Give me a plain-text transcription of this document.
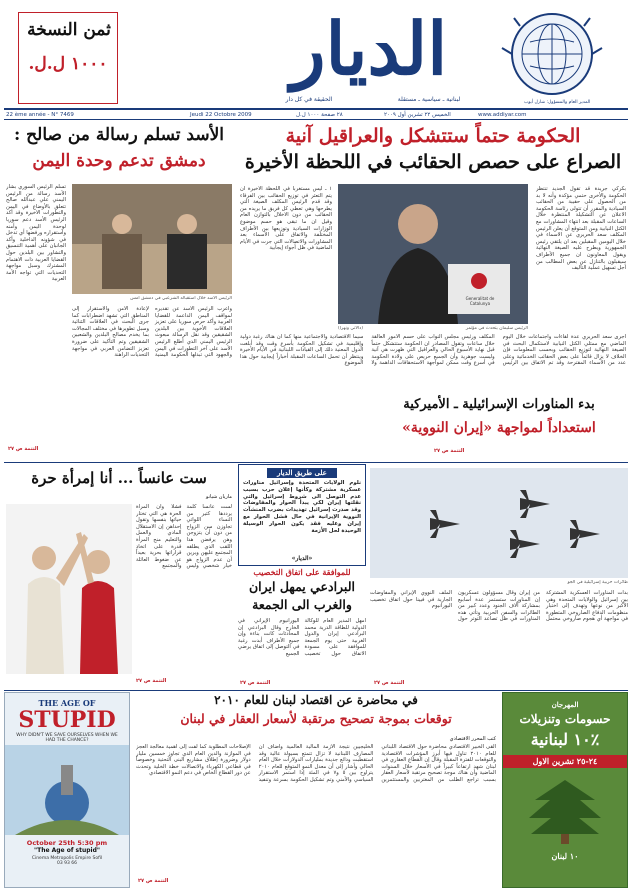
الديار
الحقيقة في كل دار	لبنانية ـ سياسية ـ مستقلة
ثمن النسخة
١٠٠٠ ل.ل.
22 ème année - N° 7469	Jeudi 22 Octobre 2009	٢٨ صفحة ١٠٠٠ ل.ل	الخميس ٢٢ تشرين أول ٢٠٠٩	www.addiyar.com
المدير العام والمسؤول: شارل أيوب
الحكومة حتماً ستتشكل والعراقيل آنية
الصراع على حصص الحقائب في اللحظة الأخيرة
Generalitat de Catalunya
الرئيس سليمان يتحدث في مؤتمر
(دالاتي ونهرا)
بكركي جريدة قد تقول الجديد تنتظر الحكومة والأخرى حتمي مؤكدة وأنه لا بد من الحصول على حقيبة من الحقائب السيادية والمقرر أن تتولى رئاسة الحكومة الاعلان عن التشكيلة المنتظرة خلال الساعات المقبلة بعد انتهاء المشاورات مع الكتل النيابية ومن المتوقع أن يعلن الرئيس المكلف سعد الحريري عن الاسماء في خلال اليومين المقبلين بعد ان يلتقي رئيس الجمهورية ويطرح عليه الصيغة النهائية ويقول المعاونون ان جميع الأطراف سيقبلون بالتنازل عن بعض المطالب من أجل تسهيل عملية التأليف
١ ـ ليس مستغرباً في اللحظة الأخيرة أن يتم التعثر في توزيع الحقائب بين الفرقاء وقد قدم الرئيس المكلف الصيغة التي يطرحها وهي تعطي كل فريق ما يريده من الحقائب من دون الاخلال بالتوازن العام وقيل ان ما تبقى هو حسم موضوع الوزارات السيادية وتوزيعها بين الأطراف المختلفة والاتفاق على الأسماء بعد المشاورات والاتصالات التي جرت في الأيام الماضية في ظل أجواء إيجابية
اجرى سعد الحريري عدة لقاءات واجتماعات خلال اليوم الماضي مع ممثلي الكتل النيابية لاستكمال البحث في الصيغة النهائية لتوزيع الحقائب وبحسب المعلومات فإن الخلاف لا يزال قائماً على بعض الحقائب الخدماتية وعلى عدد من الأسماء المقترحة وقد تم الاتفاق بين الرئيس المكلف ورئيس مجلس النواب على حسم الأمور العالقة خلال ساعات وتقول المصادر ان الحكومة ستتشكل حتماً قبل نهاية الأسبوع الحالي والعراقيل التي ظهرت هي آنية وليست جوهرية وأن الجميع حريص على ولادة الحكومة في أسرع وقت ممكن لمواجهة الاستحقاقات الداهمة ولا سيما الاقتصادية والاجتماعية منها كما أن هناك رغبة دولية وإقليمية في تشكيل الحكومة بأسرع وقت وقد أبلغت الدول المعنية ذلك إلى القيادات اللبنانية في الأيام الأخيرة وينتظر أن تحمل الساعات المقبلة أخباراً إيجابية حول هذا الموضوع
التتمة ص ٢٧
الأسد تسلم رسالة من صالح :
دمشق تدعم وحدة اليمن
تسلم الرئيس السوري بشار الأسد رسالة من الرئيس اليمني علي عبدالله صالح تتعلق بالأوضاع في اليمن والتطورات الاخيرة وقد أكد الرئيس الأسد دعم سوريا لوحدة اليمن وأمنه واستقراره ورفضها أي تدخل في شؤونه الداخلية وأكد الجانبان على أهمية التنسيق والتشاور بين البلدين حول القضايا العربية ذات الاهتمام المشترك وسبل مواجهة التحديات التي تواجه الأمة العربية
الرئيس الأسد خلال استقباله الشرعبي في دمشق امس
وأعرب الرئيس الأسد عن تقديره لمواقف اليمن الداعمة للقضايا العربية وأكد حرص سوريا على تعزيز العلاقات الأخوية بين البلدين الشقيقين وقد نقل الرسالة مبعوث الرئيس اليمني الذي أطلع الرئيس الأسد على آخر التطورات في اليمن والجهود التي تبذلها الحكومة اليمنية لإعادة الأمن والاستقرار إلى المناطق التي تشهد اضطرابات كما جرى البحث في العلاقات الثنائية وسبل تطويرها في مختلف المجالات بما يخدم مصالح البلدين والشعبين الشقيقين وتم التأكيد على ضرورة تعزيز التضامن العربي في مواجهة التحديات الراهنة
التتمة ص ٢٧
بدء المناورات الإسرائيلية ـ الأميركية
استعداداً لمواجهة «إيران النووية»
طائرات حربية إسرائيلية في الجو
بدأت المناورات العسكرية المشتركة بين إسرائيل والولايات المتحدة وهي الأكبر من نوعها وتهدف إلى اختبار منظومات الدفاع الصاروخي المتطورة في مواجهة أي هجوم صاروخي محتمل من إيران وقال مسؤولون عسكريون إن المناورات ستستمر عدة أسابيع بمشاركة آلاف الجنود وعدد كبير من الطائرات والسفن الحربية وتأتي هذه المناورات في ظل تصاعد التوتر حول الملف النووي الإيراني والمفاوضات الجارية في فيينا حول اتفاق تخصيب اليورانيوم
التتمة ص ٢٧
على طريق الديار
نلوم الولايات المتحدة وإسرائيل مناورات عسكرية مشتركة وكأنها إعلان حرب بسبب عدم التوصل الى شروط إسرائيل والتي نقلتها إيران لكي يبدأ الحوار والمفاوضات وقد صدرت إسرائيل تهديدات بضرب المنشآت النووية الإيرانية في حال فشل الحوار مع إيران وعليه فقد يكون الحوار الوسيلة الوحيدة لحل الأزمة
«الديار»
للموافقة على اتفاق التخصيب
البرادعي يمهل ايران
والغرب الى الجمعة
أمهل المدير العام للوكالة الدولية للطاقة الذرية محمد البرادعي إيران والدول الغربية حتى يوم الجمعة للموافقة على مسودة الاتفاق حول تخصيب اليورانيوم الإيراني في الخارج وقال البرادعي إن المحادثات كانت بناءة وإن جميع الأطراف أبدت رغبة في التوصل إلى اتفاق يرضي الجميع
التتمة ص ٢٧
ست عانساً ... أنا إمرأة حرة
ماريان شيانو
لست عانساً كلمة يرددها كثير من النساء اللواتي تجاوزن سن الزواج من دون أن يتزوجن وهن يرفضن هذا اللقب الذي يطلقه المجتمع عليهن ويرين أن عدم الزواج هو خيار شخصي وليس فشلاً وأن المرأة الحرة هي التي تختار حياتها بنفسها وتقول إحداهن إن الاستقلال المادي والعمل والتعليم منح المرأة قدرة على اتخاذ قراراتها بحرية بعيداً عن ضغوط العائلة والمجتمع
التتمة ص ٢٧
في محاضرة عن اقتصاد لبنان للعام ٢٠١٠
توقعات بموجة تصحيح مرتقبة لأسعار العقار في لبنان
كتب المحرر الاقتصادي
ألقى الخبير الاقتصادي محاضرة حول الاقتصاد اللبناني للعام ٢٠١٠ تناول فيها أبرز المؤشرات الاقتصادية والتوقعات للفترة المقبلة وقال إن القطاع العقاري في لبنان شهد ارتفاعاً كبيراً في الأسعار خلال السنوات الماضية وأن هناك موجة تصحيح مرتقبة لأسعار العقار بسبب تراجع الطلب من المغتربين والمستثمرين الخليجيين نتيجة الأزمة المالية العالمية وأضاف أن المصارف اللبنانية لا تزال تتمتع بسيولة عالية وقد استقطبت ودائع جديدة بمليارات الدولارات خلال العام الحالي وأشار إلى أن معدل النمو المتوقع للعام ٢٠١٠ يتراوح بين ٥ و٧ في المئة إذا استمر الاستقرار السياسي والأمني وتم تشكيل الحكومة بسرعة وتنفيذ الإصلاحات المطلوبة كما لفت إلى أهمية معالجة العجز في الموازنة والدين العام الذي تجاوز خمسين مليار دولار وضرورة إطلاق مشاريع البنى التحتية وخصوصاً في قطاعي الكهرباء والاتصالات خطة الخلية وتحدث عن دور القطاع الخاص في دعم النمو الاقتصادي
التتمة ص ٢٧
THE AGE OF
STUPID
WHY DIDN'T WE SAVE OURSELVES WHEN WE HAD THE CHANCE?
October 25th 5:30 pm
"The Age of stupid"
Cinema Metropolis Empire Sofil
03 93 66
المهرجان
حسومات وتنزيلات
٪١٠ لبنانية
٢٤-٢٥ تشرين الاول
١٠ لبنان
